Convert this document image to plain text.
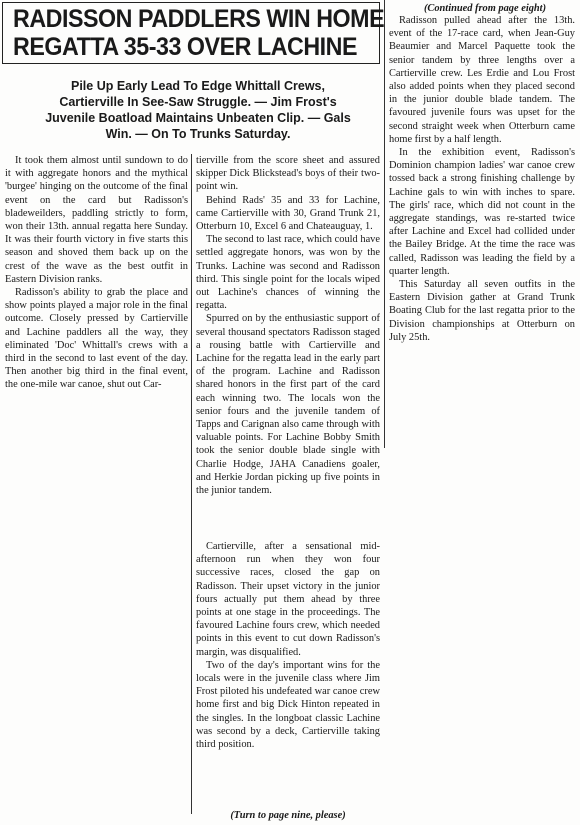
RADISSON PADDLERS WIN HOME
REGATTA 35-33 OVER LACHINE

Pile Up Early Lead To Edge Whittall Crews, Cartierville In See-Saw Struggle. — Jim Frost's Juvenile Boatload Maintains Unbeaten Clip. — Gals Win. — On To Trunks Saturday.

It took them almost until sundown to do it with aggregate honors and the mythical 'burgee' hinging on the outcome of the final event on the card but Radisson's bladeweilders, paddling strictly to form, won their 13th. annual regatta here Sunday. It was their fourth victory in five starts this season and shoved them back up on the crest of the wave as the best outfit in Eastern Division ranks.

Radisson's ability to grab the place and show points played a major role in the final outcome. Closely pressed by Cartierville and Lachine paddlers all the way, they eliminated 'Doc' Whittall's crews with a third in the second to last event of the day. Then another big third in the final event, the one-mile war canoe, shut out Car-

tierville from the score sheet and assured skipper Dick Blickstead's boys of their two-point win.

Behind Rads' 35 and 33 for Lachine, came Cartierville with 30, Grand Trunk 21, Otterburn 10, Excel 6 and Chateauguay, 1.

The second to last race, which could have settled aggregate honors, was won by the Trunks. Lachine was second and Radisson third. This single point for the locals wiped out Lachine's chances of winning the regatta.

Spurred on by the enthusiastic support of several thousand spectators Radisson staged a rousing battle with Cartierville and Lachine for the regatta lead in the early part of the program. Lachine and Radisson shared honors in the first part of the card each winning two. The locals won the senior fours and the juvenile tandem of Tapps and Carignan also came through with valuable points. For Lachine Bobby Smith took the senior double blade single with Charlie Hodge, JAHA Canadiens goaler, and Herkie Jordan picking up five points in the junior tandem.

Cartierville, after a sensational mid-afternoon run when they won four successive races, closed the gap on Radisson. Their upset victory in the junior fours actually put them ahead by three points at one stage in the proceedings. The favoured Lachine fours crew, which needed points in this event to cut down Radisson's margin, was disqualified.

Two of the day's important wins for the locals were in the juvenile class where Jim Frost piloted his undefeated war canoe crew home first and big Dick Hinton repeated in the singles. In the longboat classic Lachine was second by a deck, Cartierville taking third position.

(Turn to page nine, please)

(Continued from page eight)

Radisson pulled ahead after the 13th. event of the 17-race card, when Jean-Guy Beaumier and Marcel Paquette took the senior tandem by three lengths over a Cartierville crew. Les Erdie and Lou Frost also added points when they placed second in the junior double blade tandem. The favoured juvenile fours was upset for the second straight week when Otterburn came home first by a half length.

In the exhibition event, Radisson's Dominion champion ladies' war canoe crew tossed back a strong finishing challenge by Lachine gals to win with inches to spare. The girls' race, which did not count in the aggregate standings, was re-started twice after Lachine and Excel had collided under the Bailey Bridge. At the time the race was called, Radisson was leading the field by a quarter length.

This Saturday all seven outfits in the Eastern Division gather at Grand Trunk Boating Club for the last regatta prior to the Division championships at Otterburn on July 25th.
